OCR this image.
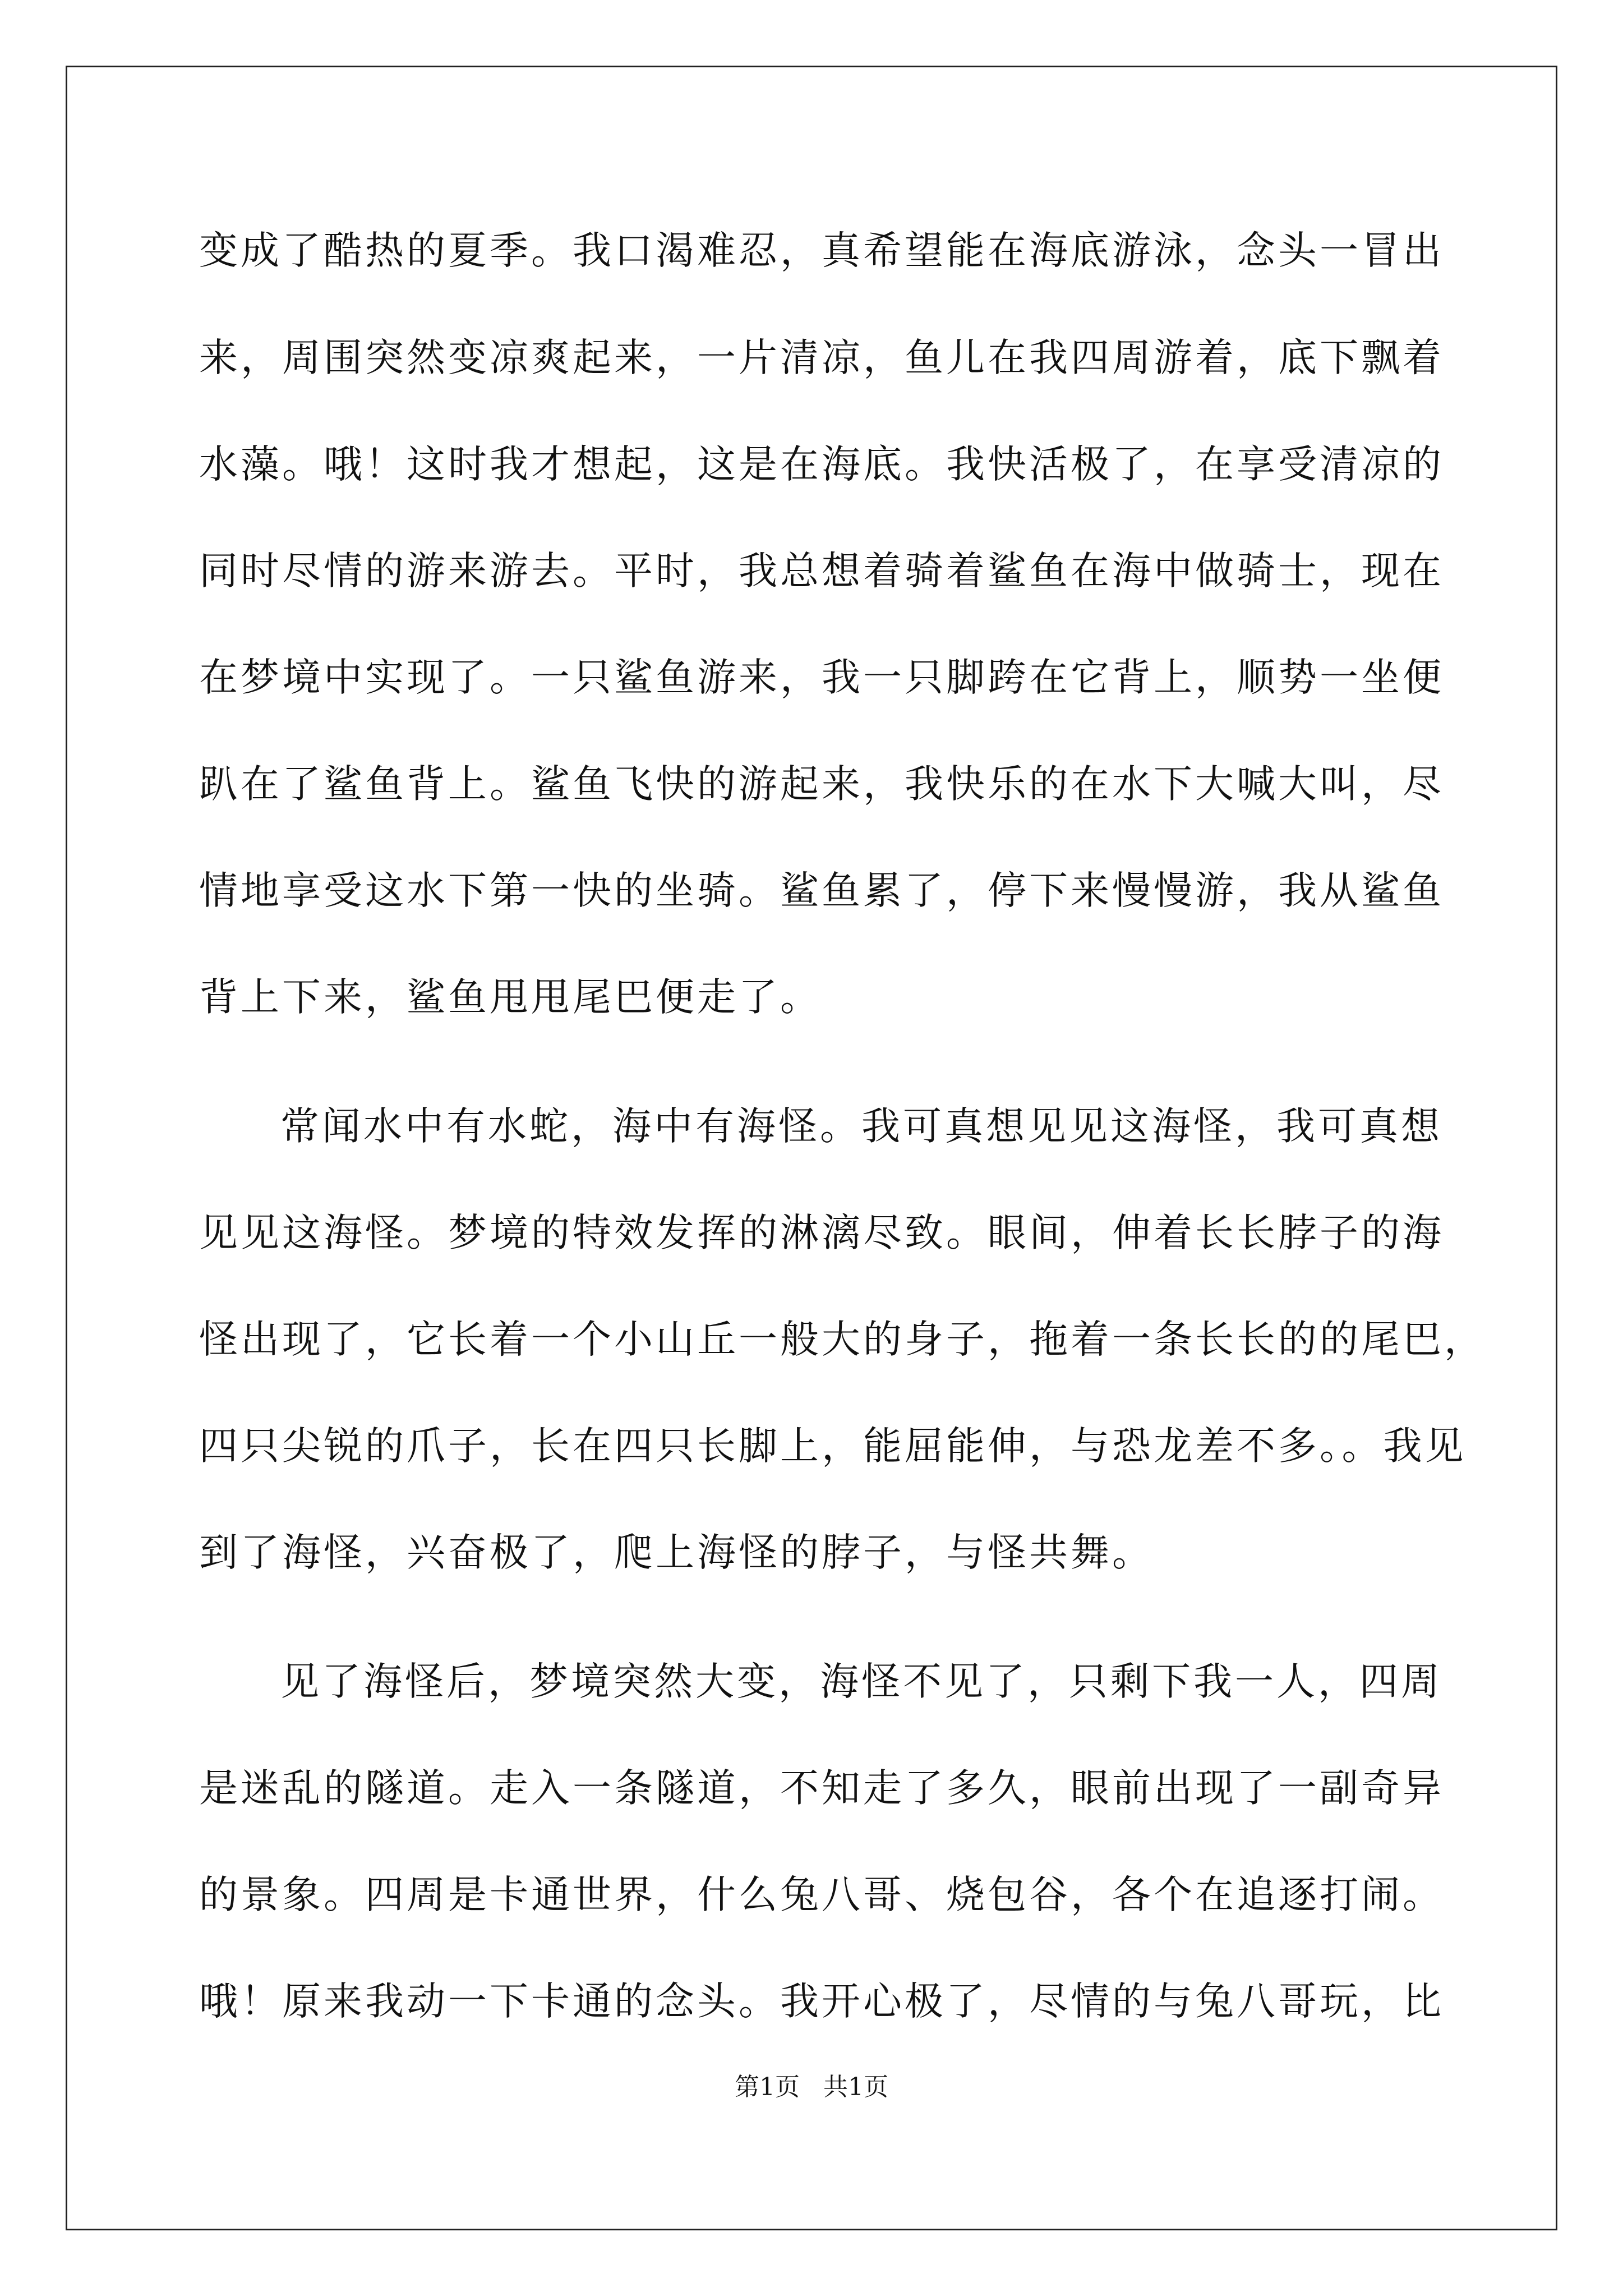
变成了酷热的夏季。我口渴难忍，真希望能在海底游泳，念头一冒出
来，周围突然变凉爽起来，一片清凉，鱼儿在我四周游着，底下飘着
水藻。哦！这时我才想起，这是在海底。我快活极了，在享受清凉的
同时尽情的游来游去。平时，我总想着骑着鲨鱼在海中做骑士，现在
在梦境中实现了。一只鲨鱼游来，我一只脚跨在它背上，顺势一坐便
趴在了鲨鱼背上。鲨鱼飞快的游起来，我快乐的在水下大喊大叫，尽
情地享受这水下第一快的坐骑。鲨鱼累了，停下来慢慢游，我从鲨鱼
背上下来，鲨鱼甩甩尾巴便走了。
常闻水中有水蛇，海中有海怪。我可真想见见这海怪，我可真想
见见这海怪。梦境的特效发挥的淋漓尽致。眼间，伸着长长脖子的海
怪出现了，它长着一个小山丘一般大的身子，拖着一条长长的的尾巴，
四只尖锐的爪子，长在四只长脚上，能屈能伸，与恐龙差不多。。我见
到了海怪，兴奋极了，爬上海怪的脖子，与怪共舞。
见了海怪后，梦境突然大变，海怪不见了，只剩下我一人，四周
是迷乱的隧道。走入一条隧道，不知走了多久，眼前出现了一副奇异
的景象。四周是卡通世界，什么兔八哥、烧包谷，各个在追逐打闹。
哦！原来我动一下卡通的念头。我开心极了，尽情的与兔八哥玩，比
第1页   共1页
